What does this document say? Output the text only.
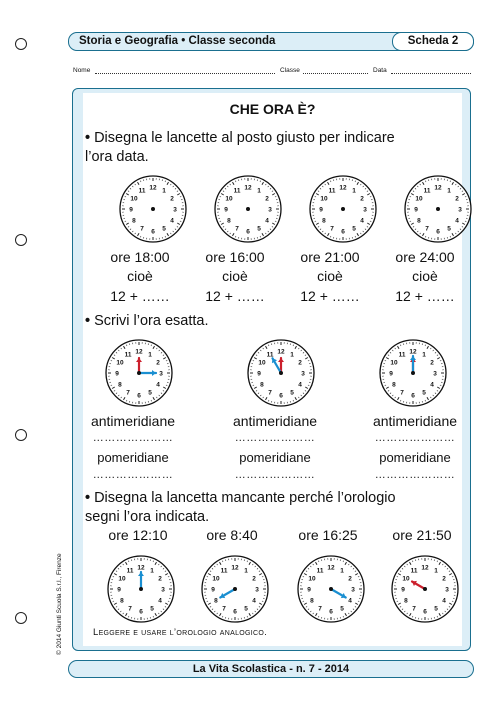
Storia e Geografia • Classe seconda	Scheda 2
Nome	Classe	Data
CHE ORA È?
• Disegna le lancette al posto giusto per indicare
l’ora data.
12 1
2
3
4
5
6
7
8
9
10
11	12 1
2
3
4
5
6
7
8
9
10
11	12 1
2
3
4
5
6
7
8
9
10
11	12 1
2
3
4
5
6
7
8
9
10
11
ore 18:00	ore 16:00	ore 21:00	ore 24:00
cioè	cioè	cioè	cioè
12 + ……	12 + ……	12 + ……	12 + ……
• Scrivi l’ora esatta.
12 1
2
3
4
5
6
7
8
9
10
11	12 1
2
3
4
5
6
7
8
9
10
11	12 1
2
3
4
5
6
7
8
9
10
11
antimeridiane	antimeridiane	antimeridiane
…………………	…………………	…………………
pomeridiane	pomeridiane	pomeridiane
…………………	…………………	…………………
• Disegna la lancetta mancante perché l’orologio
segni l’ora indicata.
ore 12:10	ore 8:40	ore 16:25	ore 21:50
12 1
2
3
4
5
6
7
8
9
10
11	12 1
2
3
4
5
6
7
8
9
10
11	12 1
2
3
4
5
6
7
8
9
10
11	12 1
2
3
4
5
6
7
8
9
10
11
Leggere e usare l’orologio analogico.
© 2014 Giunti Scuola S.r.l., Firenze
La Vita Scolastica - n. 7 - 2014
